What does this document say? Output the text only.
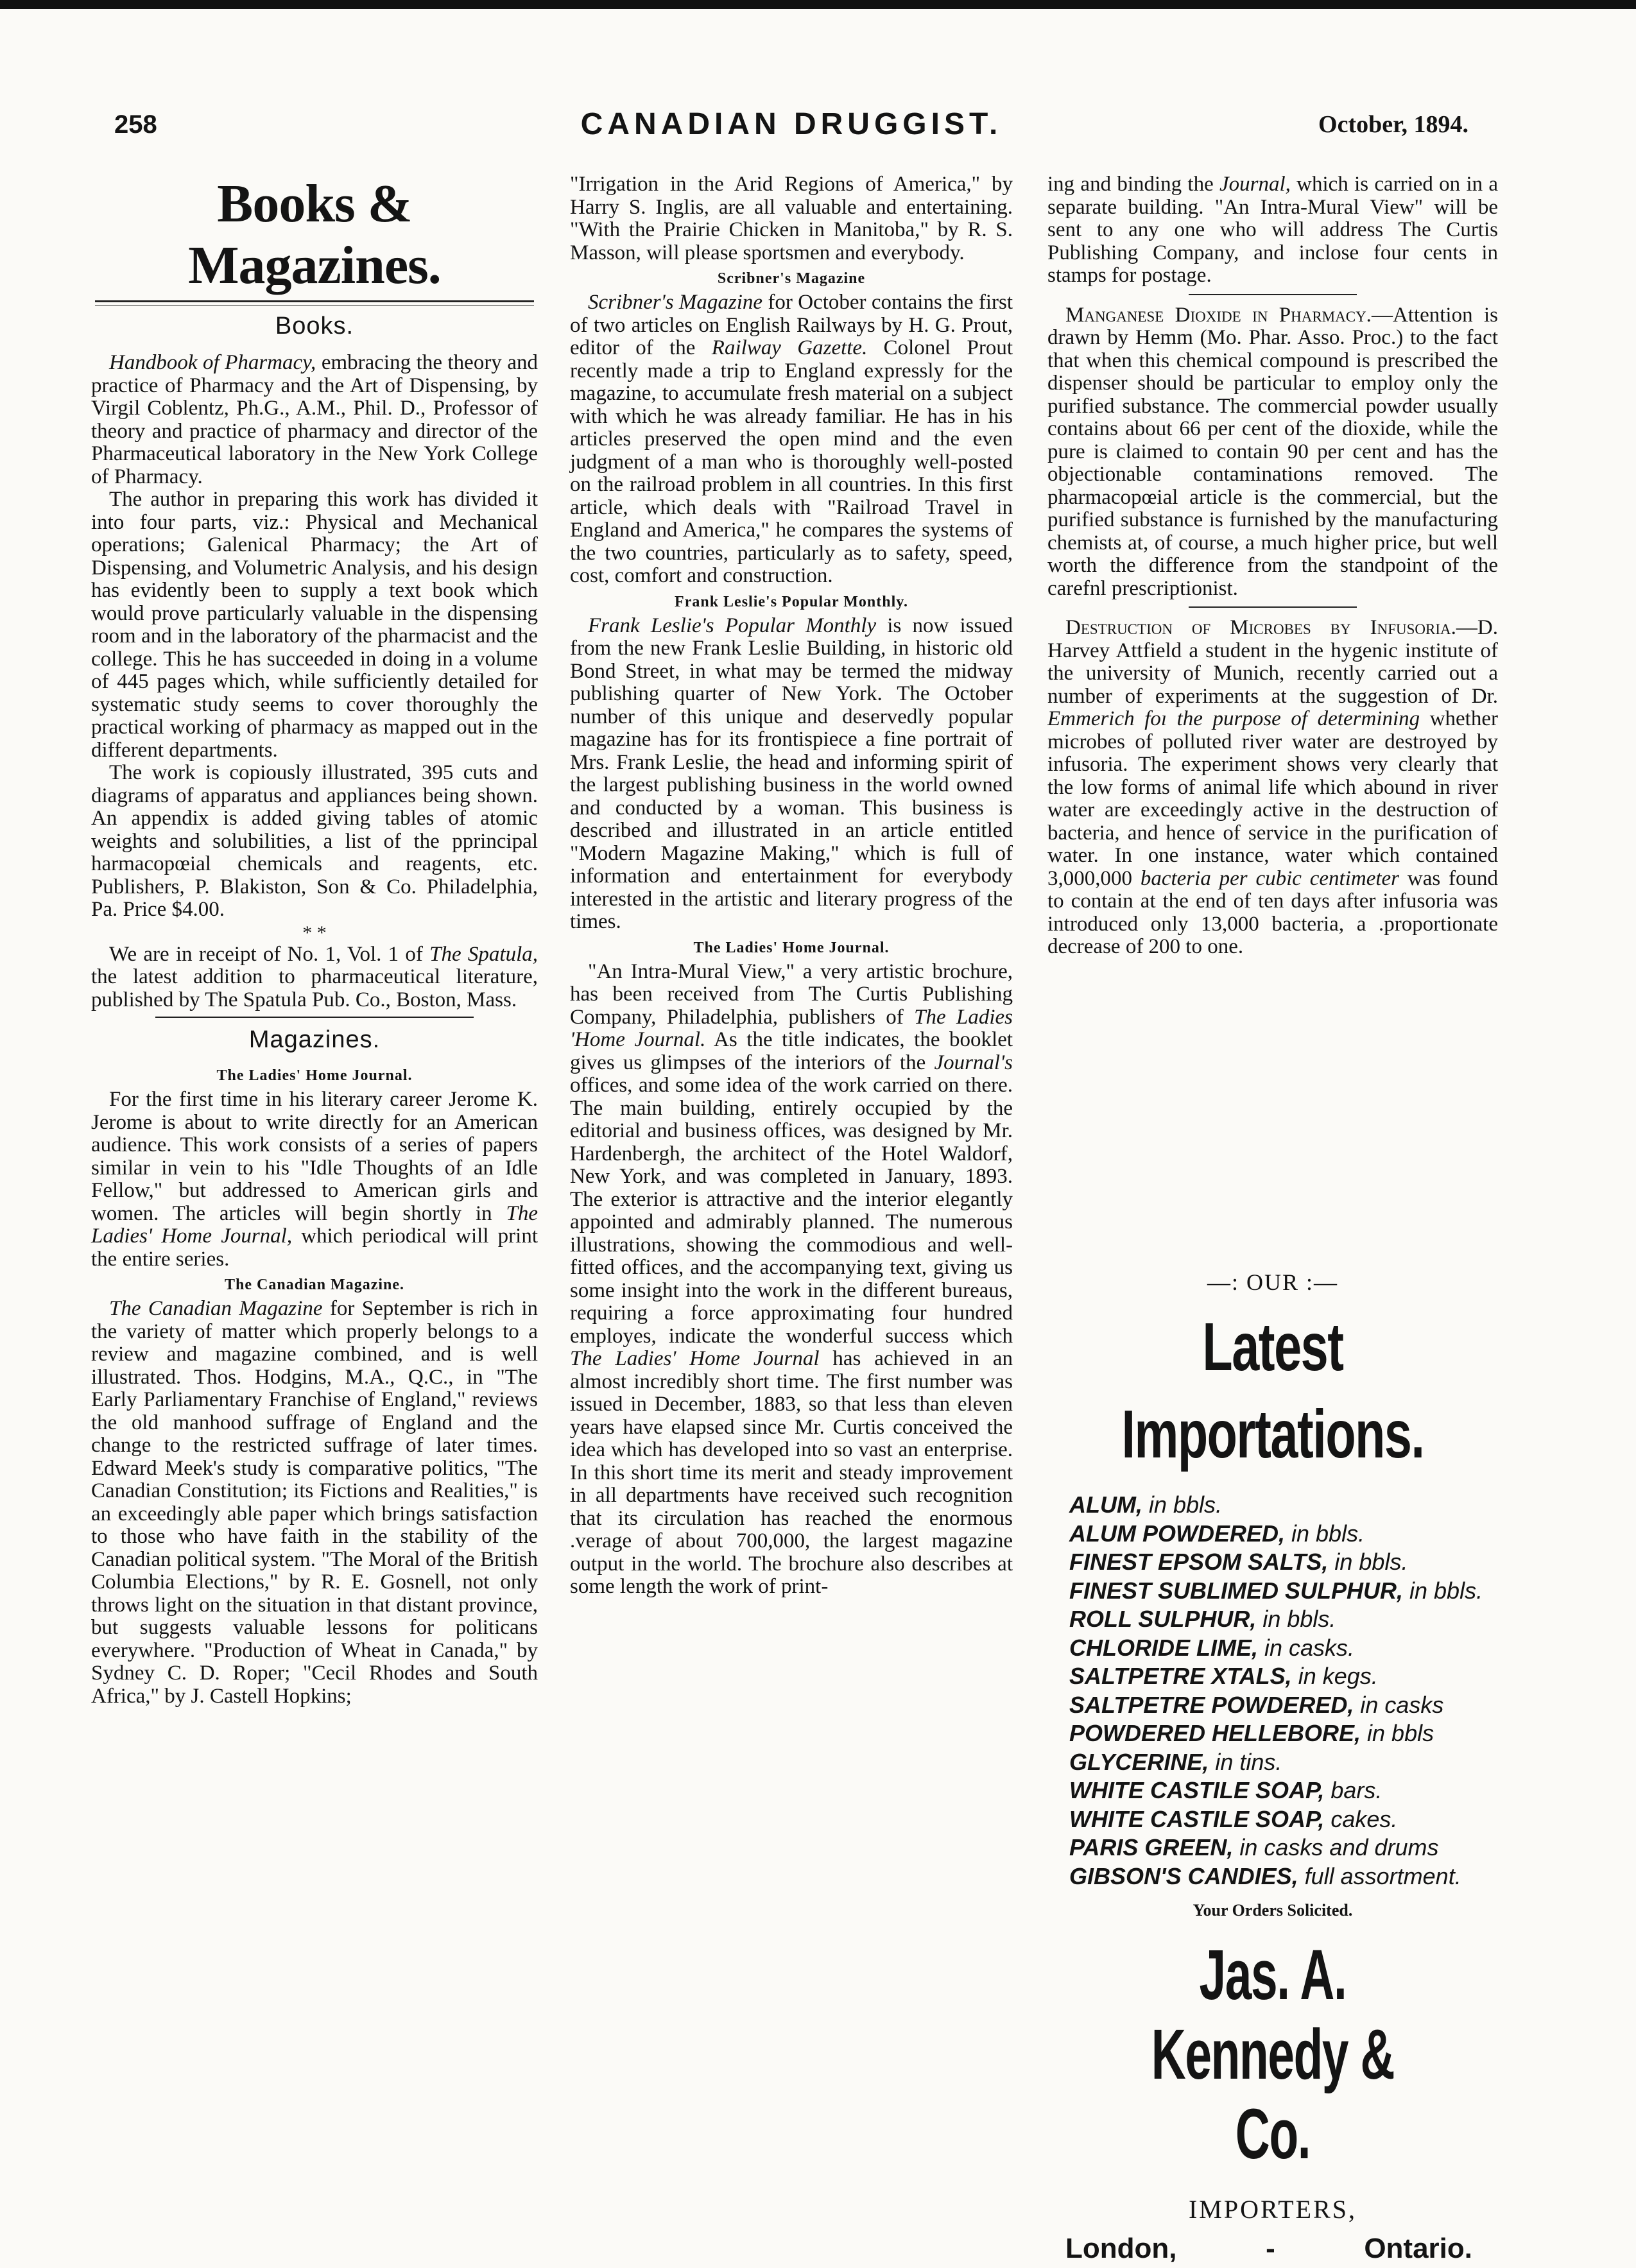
258	CANADIAN DRUGGIST.	October, 1894.
Books & Magazines.
Books.

Handbook of Pharmacy, embracing the theory and practice of Pharmacy and the Art of Dispensing, by Virgil Coblentz, Ph.G., A.M., Phil. D., Professor of theory and practice of pharmacy and director of the Pharmaceutical laboratory in the New York College of Pharmacy.

The author in preparing this work has divided it into four parts, viz.: Physical and Mechanical operations; Galenical Pharmacy; the Art of Dispensing, and Volumetric Analysis, and his design has evidently been to supply a text book which would prove particularly valuable in the dispensing room and in the laboratory of the pharmacist and the college. This he has succeeded in doing in a volume of 445 pages which, while sufficiently detailed for systematic study seems to cover thoroughly the practical working of pharmacy as mapped out in the different departments.

The work is copiously illustrated, 395 cuts and diagrams of apparatus and appliances being shown. An appendix is added giving tables of atomic weights and solubilities, a list of the pprincipal harmacopœial chemicals and reagents, etc. Publishers, P. Blakiston, Son & Co. Philadelphia, Pa. Price $4.00.

* *

We are in receipt of No. 1, Vol. 1 of The Spatula, the latest addition to pharmaceutical literature, published by The Spatula Pub. Co., Boston, Mass.

Magazines.
The Ladies' Home Journal.

For the first time in his literary career Jerome K. Jerome is about to write directly for an American audience. This work consists of a series of papers similar in vein to his "Idle Thoughts of an Idle Fellow," but addressed to American girls and women. The articles will begin shortly in The Ladies' Home Journal, which periodical will print the entire series.

The Canadian Magazine.

The Canadian Magazine for September is rich in the variety of matter which properly belongs to a review and magazine combined, and is well illustrated. Thos. Hodgins, M.A., Q.C., in "The Early Parliamentary Franchise of England," reviews the old manhood suffrage of England and the change to the restricted suffrage of later times. Edward Meek's study is comparative politics, "The Canadian Constitution; its Fictions and Realities," is an exceedingly able paper which brings satisfaction to those who have faith in the stability of the Canadian political system. "The Moral of the British Columbia Elections," by R. E. Gosnell, not only throws light on the situation in that distant province, but suggests valuable lessons for politicans everywhere. "Production of Wheat in Canada," by Sydney C. D. Roper; "Cecil Rhodes and South Africa," by J. Castell Hopkins;

"Irrigation in the Arid Regions of America," by Harry S. Inglis, are all valuable and entertaining. "With the Prairie Chicken in Manitoba," by R. S. Masson, will please sportsmen and everybody.

Scribner's Magazine

Scribner's Magazine for October contains the first of two articles on English Railways by H. G. Prout, editor of the Railway Gazette. Colonel Prout recently made a trip to England expressly for the magazine, to accumulate fresh material on a subject with which he was already familiar. He has in his articles preserved the open mind and the even judgment of a man who is thoroughly well-posted on the railroad problem in all countries. In this first article, which deals with "Railroad Travel in England and America," he compares the systems of the two countries, particularly as to safety, speed, cost, comfort and construction.

Frank Leslie's Popular Monthly.

Frank Leslie's Popular Monthly is now issued from the new Frank Leslie Building, in historic old Bond Street, in what may be termed the midway publishing quarter of New York. The October number of this unique and deservedly popular magazine has for its frontispiece a fine portrait of Mrs. Frank Leslie, the head and informing spirit of the largest publishing business in the world owned and conducted by a woman. This business is described and illustrated in an article entitled "Modern Magazine Making," which is full of information and entertainment for everybody interested in the artistic and literary progress of the times.

The Ladies' Home Journal.

"An Intra-Mural View," a very artistic brochure, has been received from The Curtis Publishing Company, Philadelphia, publishers of The Ladies 'Home Journal. As the title indicates, the booklet gives us glimpses of the interiors of the Journal's offices, and some idea of the work carried on there. The main building, entirely occupied by the editorial and business offices, was designed by Mr. Hardenbergh, the architect of the Hotel Waldorf, New York, and was completed in January, 1893. The exterior is attractive and the interior elegantly appointed and admirably planned. The numerous illustrations, showing the commodious and well-fitted offices, and the accompanying text, giving us some insight into the work in the different bureaus, requiring a force approximating four hundred employes, indicate the wonderful success which The Ladies' Home Journal has achieved in an almost incredibly short time. The first number was issued in December, 1883, so that less than eleven years have elapsed since Mr. Curtis conceived the idea which has developed into so vast an enterprise. In this short time its merit and steady improvement in all departments have received such recognition that its circulation has reached the enormous .verage of about 700,000, the largest magazine output in the world. The brochure also describes at some length the work of print-

ing and binding the Journal, which is carried on in a separate building. "An Intra-Mural View" will be sent to any one who will address The Curtis Publishing Company, and inclose four cents in stamps for postage.

Manganese Dioxide in Pharmacy.—Attention is drawn by Hemm (Mo. Phar. Asso. Proc.) to the fact that when this chemical compound is prescribed the dispenser should be particular to employ only the purified substance. The commercial powder usually contains about 66 per cent of the dioxide, while the pure is claimed to contain 90 per cent and has the objectionable contaminations removed. The pharmacopœial article is the commercial, but the purified substance is furnished by the manufacturing chemists at, of course, a much higher price, but well worth the difference from the standpoint of the carefnl prescriptionist.

Destruction of Microbes by Infusoria.—D. Harvey Attfield a student in the hygenic institute of the university of Munich, recently carried out a number of experiments at the suggestion of Dr. Emmerich foı the purpose of determining whether microbes of polluted river water are destroyed by infusoria. The experiment shows very clearly that the low forms of animal life which abound in river water are exceedingly active in the destruction of bacteria, and hence of service in the purification of water. In one instance, water which contained 3,000,000 bacteria per cubic centimeter was found to contain at the end of ten days after infusoria was introduced only 13,000 bacteria, a .proportionate decrease of 200 to one.

—: OUR :—
Latest Importations.
ALUM, in bbls.
ALUM POWDERED, in bbls.
FINEST EPSOM SALTS, in bbls.
FINEST SUBLIMED SULPHUR, in bbls.
ROLL SULPHUR, in bbls.
CHLORIDE LIME, in casks.
SALTPETRE XTALS, in kegs.
SALTPETRE POWDERED, in casks
POWDERED HELLEBORE, in bbls
GLYCERINE, in tins.
WHITE CASTILE SOAP, bars.
WHITE CASTILE SOAP, cakes.
PARIS GREEN, in casks and drums
GIBSON'S CANDIES, full assortment.
Your Orders Solicited.
Jas. A. Kennedy & Co.
IMPORTERS,
London,	-	Ontario.
